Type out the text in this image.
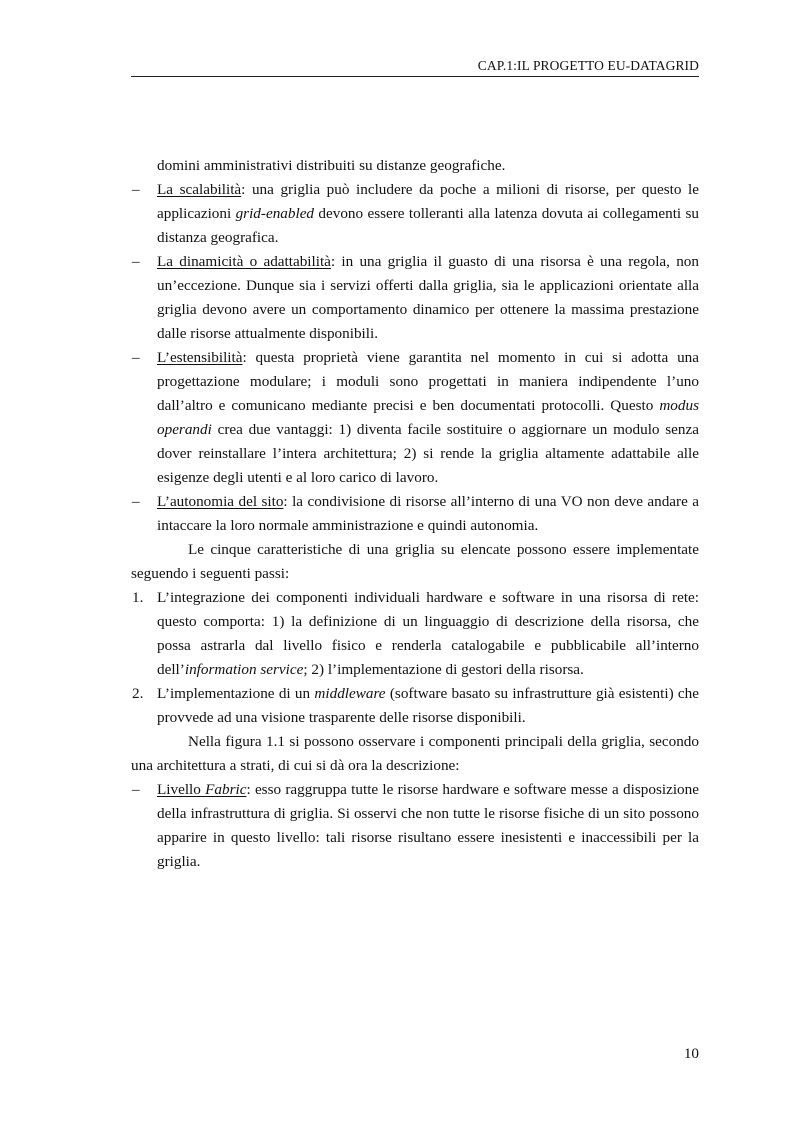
CAP.1:IL PROGETTO EU-DATAGRID

domini amministrativi distribuiti su distanze geografiche.

– La scalabilità: una griglia può includere da poche a milioni di risorse, per questo le applicazioni grid-enabled devono essere tolleranti alla latenza dovuta ai collegamenti su distanza geografica.
– La dinamicità o adattabilità: in una griglia il guasto di una risorsa è una regola, non un’eccezione. Dunque sia i servizi offerti dalla griglia, sia le applicazioni orientate alla griglia devono avere un comportamento dinamico per ottenere la massima prestazione dalle risorse attualmente disponibili.
– L’estensibilità: questa proprietà viene garantita nel momento in cui si adotta una progettazione modulare; i moduli sono progettati in maniera indipendente l’uno dall’altro e comunicano mediante precisi e ben documentati protocolli. Questo modus operandi crea due vantaggi: 1) diventa facile sostituire o aggiornare un modulo senza dover reinstallare l’intera architettura; 2) si rende la griglia altamente adattabile alle esigenze degli utenti e al loro carico di lavoro.
– L’autonomia del sito: la condivisione di risorse all’interno di una VO non deve andare a intaccare la loro normale amministrazione e quindi autonomia.

Le cinque caratteristiche di una griglia su elencate possono essere implementate seguendo i seguenti passi:

1. L’integrazione dei componenti individuali hardware e software in una risorsa di rete: questo comporta: 1) la definizione di un linguaggio di descrizione della risorsa, che possa astrarla dal livello fisico e renderla catalogabile e pubblicabile all’interno dell’information service; 2) l’implementazione di gestori della risorsa.
2. L’implementazione di un middleware (software basato su infrastrutture già esistenti) che provvede ad una visione trasparente delle risorse disponibili.

Nella figura 1.1 si possono osservare i componenti principali della griglia, secondo una architettura a strati, di cui si dà ora la descrizione:

– Livello Fabric: esso raggruppa tutte le risorse hardware e software messe a disposizione della infrastruttura di griglia. Si osservi che non tutte le risorse fisiche di un sito possono apparire in questo livello: tali risorse risultano essere inesistenti e inaccessibili per la griglia.
10
